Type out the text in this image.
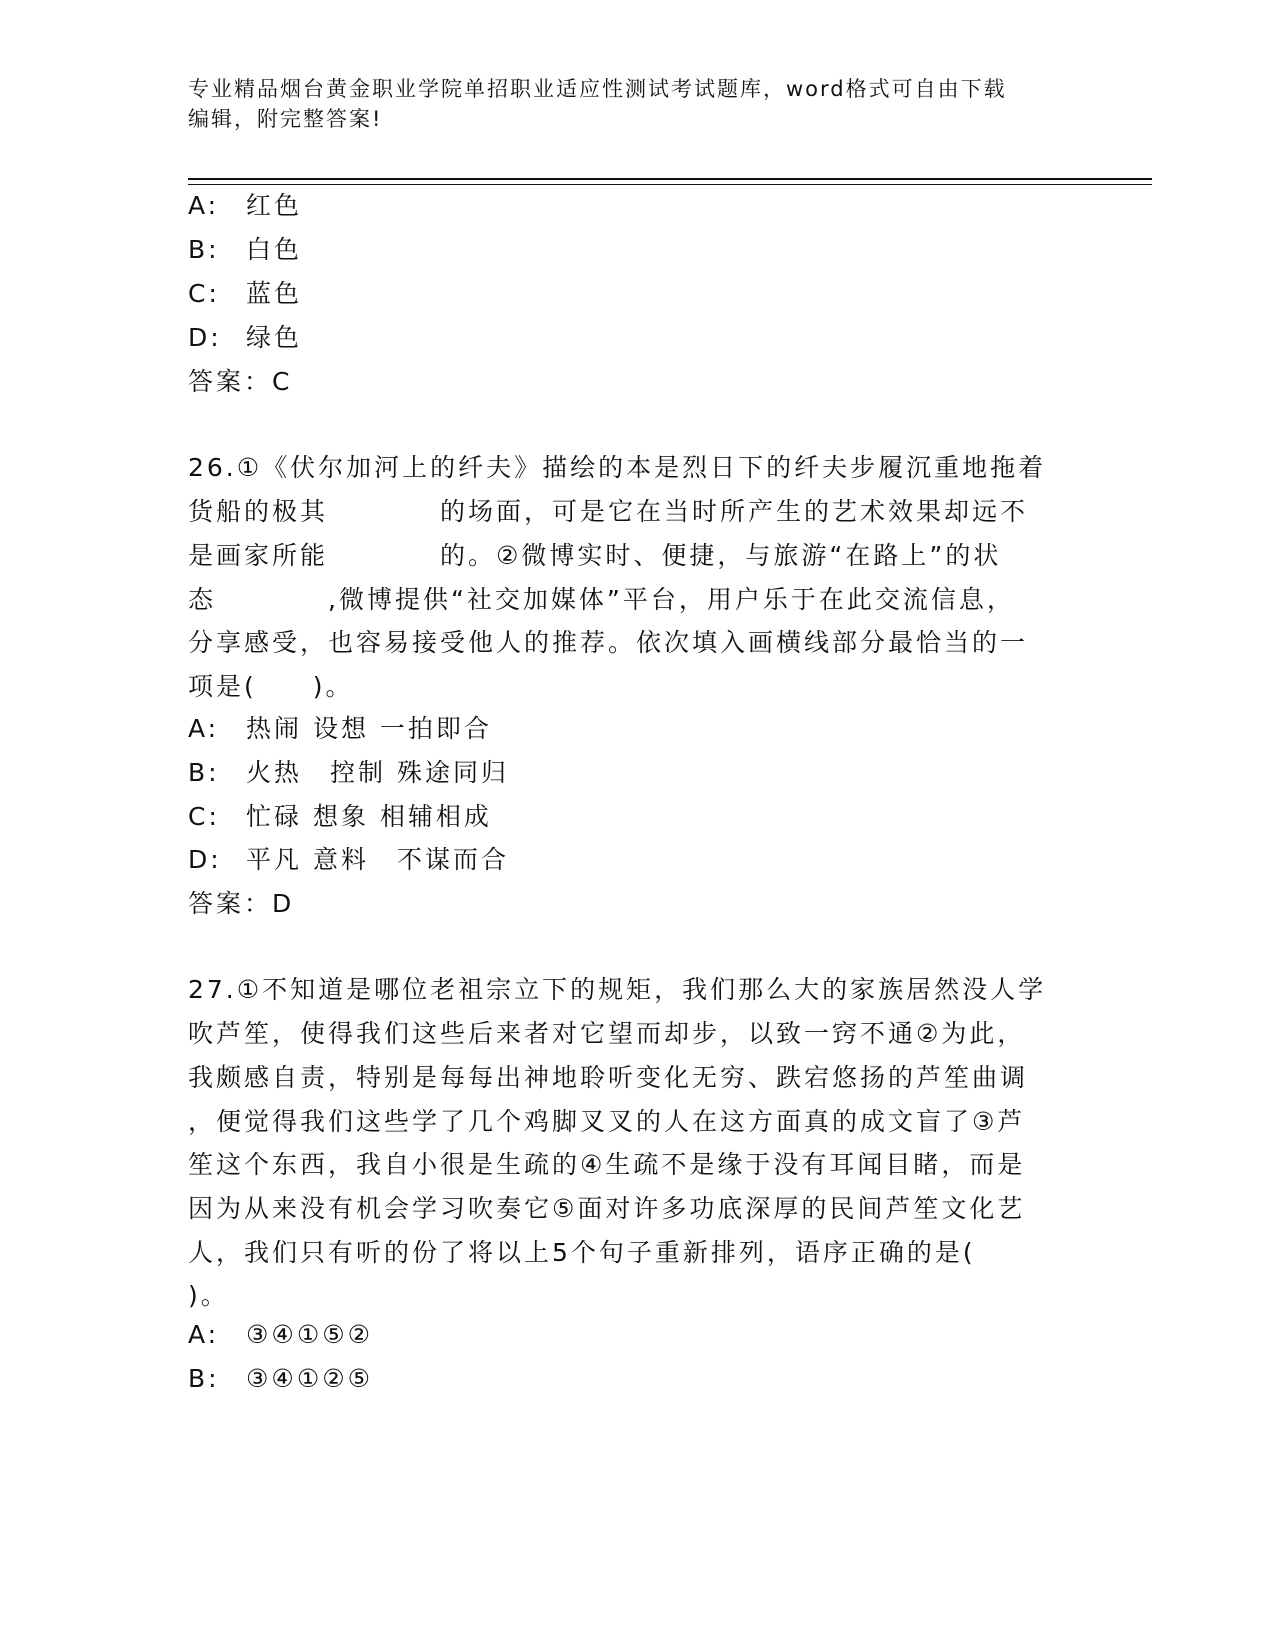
专业精品烟台黄金职业学院单招职业适应性测试考试题库，word格式可自由下载
编辑，附完整答案!
A: 红色
B: 白色
C: 蓝色
D: 绿色
答案：C
26.①《伏尔加河上的纤夫》描绘的本是烈日下的纤夫步履沉重地拖着
货船的极其　　　　的场面，可是它在当时所产生的艺术效果却远不
是画家所能　　　　的。②微博实时、便捷，与旅游“在路上”的状
态　　　　,微博提供“社交加媒体”平台，用户乐于在此交流信息，
分享感受，也容易接受他人的推荐。依次填入画横线部分最恰当的一
项是(　　)。
A: 热闹 设想 一拍即合
B: 火热　控制 殊途同归
C: 忙碌 想象 相辅相成
D: 平凡 意料　不谋而合
答案：D
27.①不知道是哪位老祖宗立下的规矩，我们那么大的家族居然没人学
吹芦笙，使得我们这些后来者对它望而却步，以致一窍不通②为此，
我颇感自责，特别是每每出神地聆听变化无穷、跌宕悠扬的芦笙曲调
，便觉得我们这些学了几个鸡脚叉叉的人在这方面真的成文盲了③芦
笙这个东西，我自小很是生疏的④生疏不是缘于没有耳闻目睹，而是
因为从来没有机会学习吹奏它⑤面对许多功底深厚的民间芦笙文化艺
人，我们只有听的份了将以上5个句子重新排列，语序正确的是(
)。
A: ③④①⑤②
B: ③④①②⑤
